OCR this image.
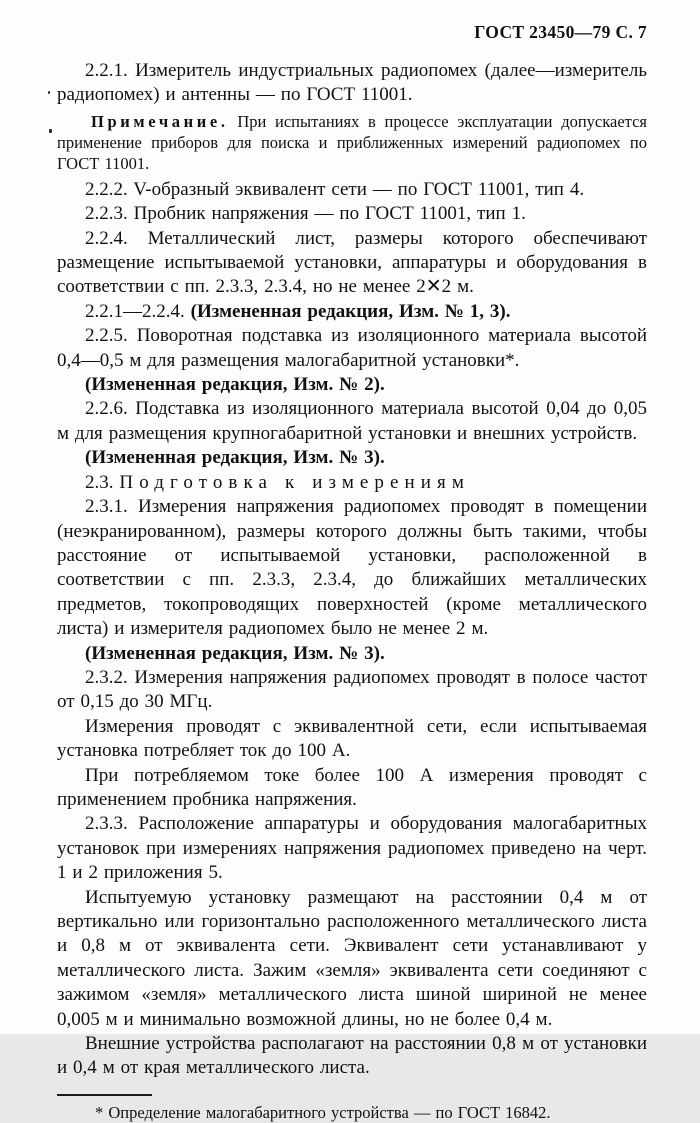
ГОСТ 23450—79 С. 7

2.2.1. Измеритель индустриальных радиопомех (далее—измеритель радиопомех) и антенны — по ГОСТ 11001.

Примечание. При испытаниях в процессе эксплуатации допускается применение приборов для поиска и приближенных измерений радиопомех по ГОСТ 11001.

2.2.2. V-образный эквивалент сети — по ГОСТ 11001, тип 4.

2.2.3. Пробник напряжения — по ГОСТ 11001, тип 1.

2.2.4. Металлический лист, размеры которого обеспечивают размещение испытываемой установки, аппаратуры и оборудования в соответствии с пп. 2.3.3, 2.3.4, но не менее 2✕2 м.

2.2.1—2.2.4. (Измененная редакция, Изм. № 1, 3).

2.2.5. Поворотная подставка из изоляционного материала высотой 0,4—0,5 м для размещения малогабаритной установки*.

(Измененная редакция, Изм. № 2).

2.2.6. Подставка из изоляционного материала высотой 0,04 до 0,05 м для размещения крупногабаритной установки и внешних устройств.

(Измененная редакция, Изм. № 3).

2.3. Подготовка к измерениям

2.3.1. Измерения напряжения радиопомех проводят в помещении (неэкранированном), размеры которого должны быть такими, чтобы расстояние от испытываемой установки, расположенной в соответствии с пп. 2.3.3, 2.3.4, до ближайших металлических предметов, токопроводящих поверхностей (кроме металлического листа) и измерителя радиопомех было не менее 2 м.

(Измененная редакция, Изм. № 3).

2.3.2. Измерения напряжения радиопомех проводят в полосе частот от 0,15 до 30 МГц.

Измерения проводят с эквивалентной сети, если испытываемая установка потребляет ток до 100 А.

При потребляемом токе более 100 А измерения проводят с применением пробника напряжения.

2.3.3. Расположение аппаратуры и оборудования малогабаритных установок при измерениях напряжения радиопомех приведено на черт. 1 и 2 приложения 5.

Испытуемую установку размещают на расстоянии 0,4 м от вертикально или горизонтально расположенного металлического листа и 0,8 м от эквивалента сети. Эквивалент сети устанавливают у металлического листа. Зажим «земля» эквивалента сети соединяют с зажимом «земля» металлического листа шиной шириной не менее 0,005 м и минимально возможной длины, но не более 0,4 м.

Внешние устройства располагают на расстоянии 0,8 м от установки и 0,4 м от края металлического листа.

* Определение малогабаритного устройства — по ГОСТ 16842.
